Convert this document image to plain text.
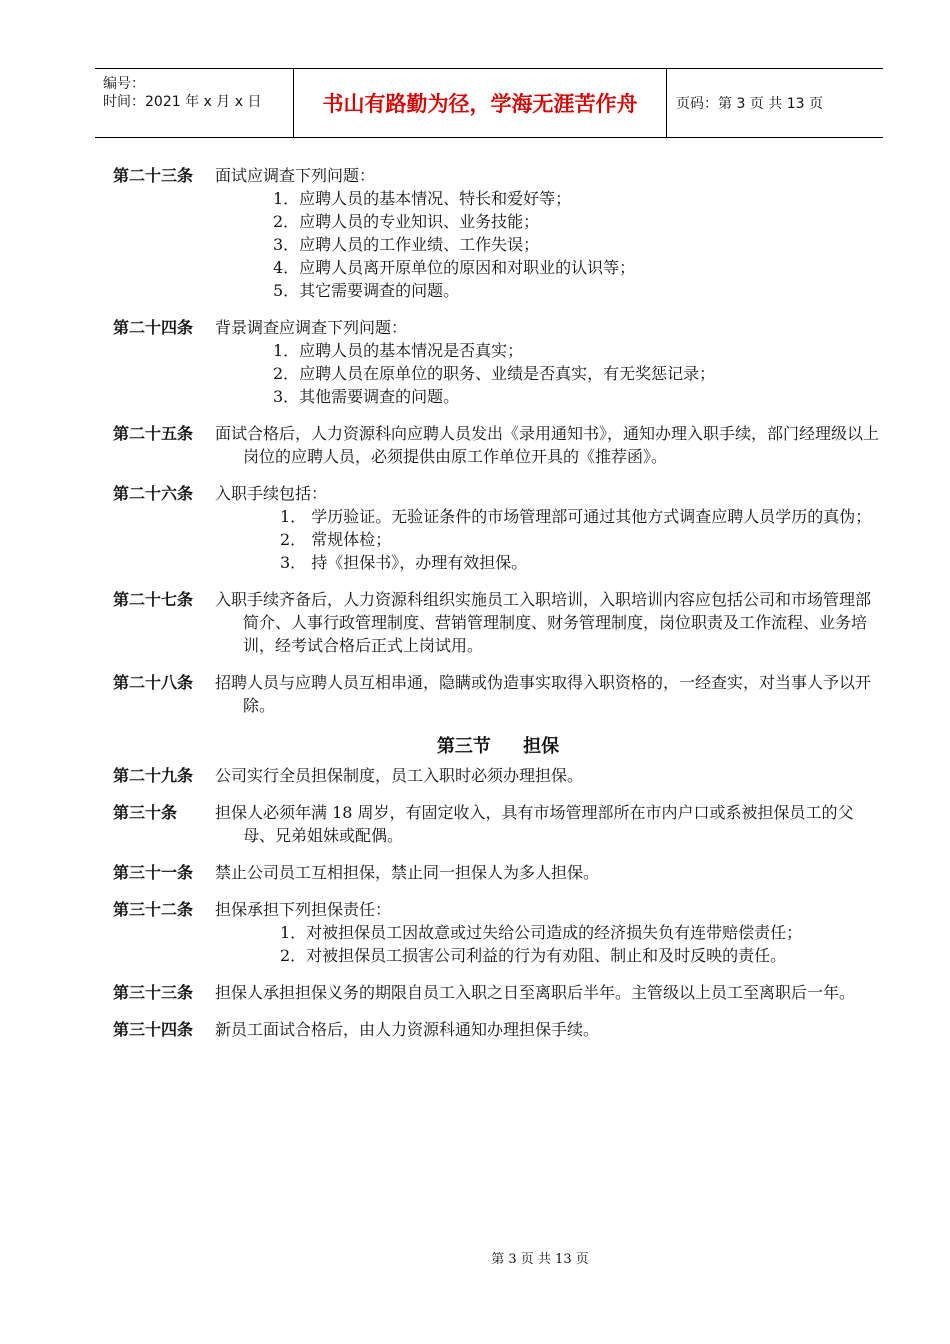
编号：
时间：2021 年 x 月 x 日	书山有路勤为径，学海无涯苦作舟	页码：第 3 页 共 13 页
第二十三条	面试应调查下列问题：
1．应聘人员的基本情况、特长和爱好等；
2．应聘人员的专业知识、业务技能；
3．应聘人员的工作业绩、工作失误；
4．应聘人员离开原单位的原因和对职业的认识等；
5．其它需要调查的问题。
第二十四条	背景调查应调查下列问题：
1．应聘人员的基本情况是否真实；
2．应聘人员在原单位的职务、业绩是否真实，有无奖惩记录；
3．其他需要调查的问题。
第二十五条	面试合格后，人力资源科向应聘人员发出《录用通知书》，通知办理入职手续，部门经理级以上岗位的应聘人员，必须提供由原工作单位开具的《推荐函》。
第二十六条	入职手续包括：
1． 学历验证。无验证条件的市场管理部可通过其他方式调查应聘人员学历的真伪；
2． 常规体检；
3． 持《担保书》，办理有效担保。
第二十七条	入职手续齐备后，人力资源科组织实施员工入职培训，入职培训内容应包括公司和市场管理部简介、人事行政管理制度、营销管理制度、财务管理制度，岗位职责及工作流程、业务培训，经考试合格后正式上岗试用。
第二十八条	招聘人员与应聘人员互相串通，隐瞒或伪造事实取得入职资格的，一经查实，对当事人予以开除。
第三节 担保
第二十九条	公司实行全员担保制度，员工入职时必须办理担保。
第三十条	担保人必须年满 18 周岁，有固定收入，具有市场管理部所在市内户口或系被担保员工的父母、兄弟姐妹或配偶。
第三十一条	禁止公司员工互相担保，禁止同一担保人为多人担保。
第三十二条	担保承担下列担保责任：
1．对被担保员工因故意或过失给公司造成的经济损失负有连带赔偿责任；
2．对被担保员工损害公司利益的行为有劝阻、制止和及时反映的责任。
第三十三条	担保人承担担保义务的期限自员工入职之日至离职后半年。主管级以上员工至离职后一年。
第三十四条	新员工面试合格后，由人力资源科通知办理担保手续。
第 3 页 共 13 页
